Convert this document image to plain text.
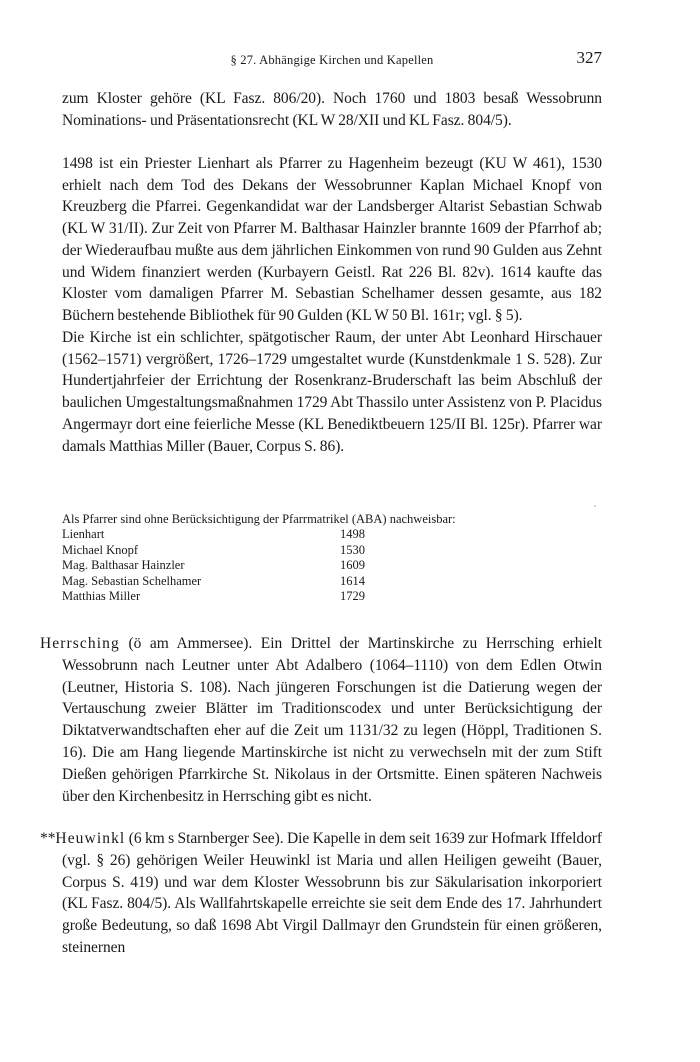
§ 27. Abhängige Kirchen und Kapellen	327

zum Kloster gehöre (KL Fasz. 806/20). Noch 1760 und 1803 besaß Wessobrunn Nominations- und Präsentationsrecht (KL W 28/XII und KL Fasz. 804/5).

1498 ist ein Priester Lienhart als Pfarrer zu Hagenheim bezeugt (KU W 461), 1530 erhielt nach dem Tod des Dekans der Wessobrunner Kaplan Michael Knopf von Kreuzberg die Pfarrei. Gegenkandidat war der Landsberger Altarist Sebastian Schwab (KL W 31/II). Zur Zeit von Pfarrer M. Balthasar Hainzler brannte 1609 der Pfarrhof ab; der Wiederaufbau mußte aus dem jährlichen Einkommen von rund 90 Gulden aus Zehnt und Widem finanziert werden (Kurbayern Geistl. Rat 226 Bl. 82v). 1614 kaufte das Kloster vom damaligen Pfarrer M. Sebastian Schelhamer dessen gesamte, aus 182 Büchern bestehende Bibliothek für 90 Gulden (KL W 50 Bl. 161r; vgl. § 5).

Die Kirche ist ein schlichter, spätgotischer Raum, der unter Abt Leonhard Hirschauer (1562–1571) vergrößert, 1726–1729 umgestaltet wurde (Kunstdenkmale 1 S. 528). Zur Hundertjahrfeier der Errichtung der Rosenkranz-Bruderschaft las beim Abschluß der baulichen Umgestaltungsmaßnahmen 1729 Abt Thassilo unter Assistenz von P. Placidus Angermayr dort eine feierliche Messe (KL Benediktbeuern 125/II Bl. 125r). Pfarrer war damals Matthias Miller (Bauer, Corpus S. 86).

Als Pfarrer sind ohne Berücksichtigung der Pfarrmatrikel (ABA) nachweisbar:

Lienhart	1498
Michael Knopf	1530
Mag. Balthasar Hainzler	1609
Mag. Sebastian Schelhamer	1614
Matthias Miller	1729

Herrsching (ö am Ammersee). Ein Drittel der Martinskirche zu Herrsching erhielt Wessobrunn nach Leutner unter Abt Adalbero (1064–1110) von dem Edlen Otwin (Leutner, Historia S. 108). Nach jüngeren Forschungen ist die Datierung wegen der Vertauschung zweier Blätter im Traditionscodex und unter Berücksichtigung der Diktatverwandtschaften eher auf die Zeit um 1131/32 zu legen (Höppl, Traditionen S. 16). Die am Hang liegende Martinskirche ist nicht zu verwechseln mit der zum Stift Dießen gehörigen Pfarrkirche St. Nikolaus in der Ortsmitte. Einen späteren Nachweis über den Kirchenbesitz in Herrsching gibt es nicht.

**Heuwinkl (6 km s Starnberger See). Die Kapelle in dem seit 1639 zur Hofmark Iffeldorf (vgl. § 26) gehörigen Weiler Heuwinkl ist Maria und allen Heiligen geweiht (Bauer, Corpus S. 419) und war dem Kloster Wessobrunn bis zur Säkularisation inkorporiert (KL Fasz. 804/5). Als Wallfahrtskapelle erreichte sie seit dem Ende des 17. Jahrhundert große Bedeutung, so daß 1698 Abt Virgil Dallmayr den Grundstein für einen größeren, steinernen
